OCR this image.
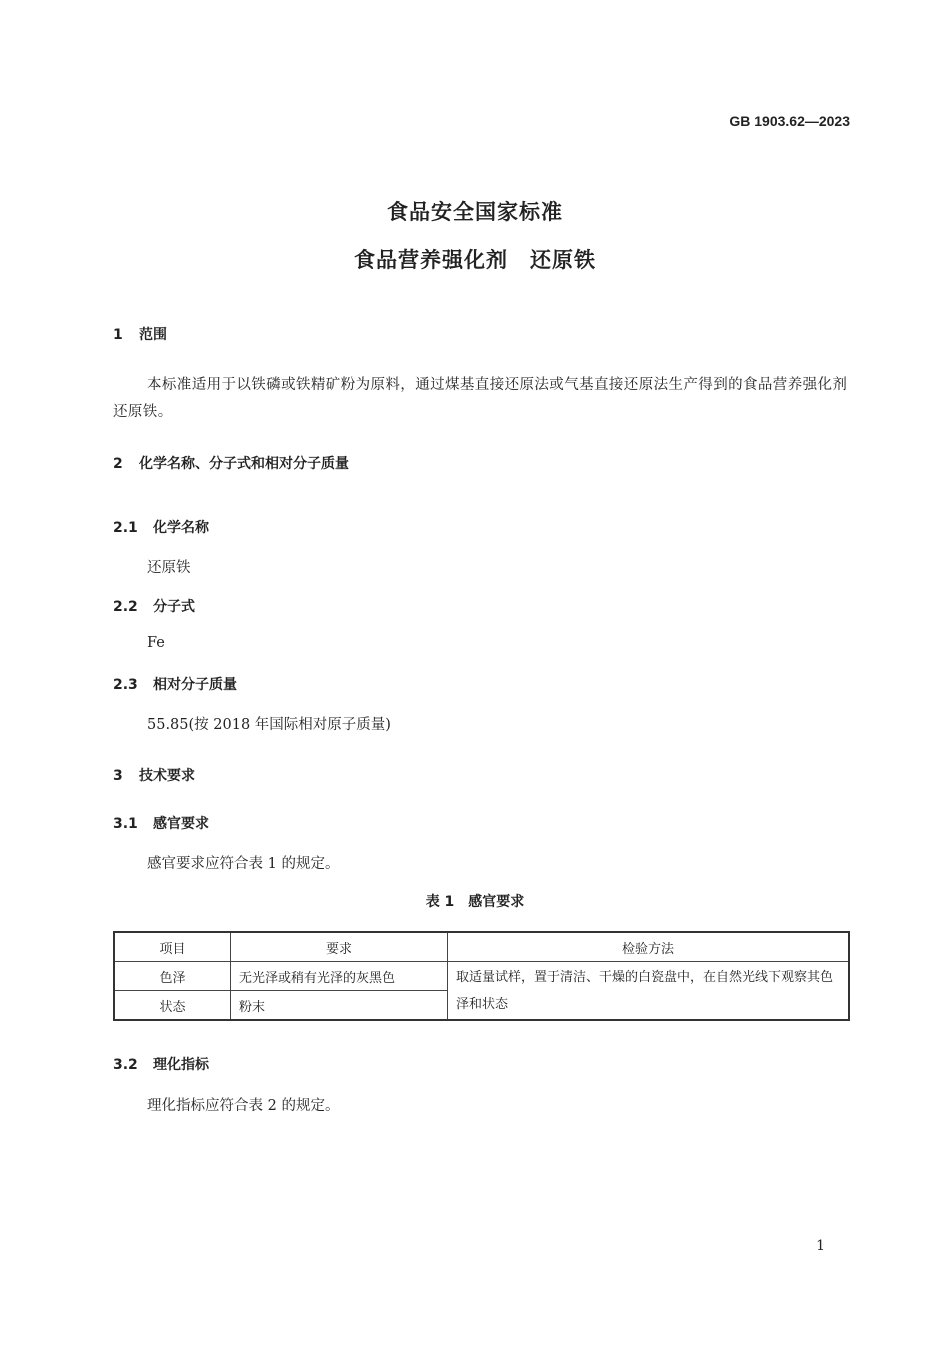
GB 1903.62—2023
食品安全国家标准
食品营养强化剂　还原铁
1 范围
本标准适用于以铁磷或铁精矿粉为原料，通过煤基直接还原法或气基直接还原法生产得到的食品营养强化剂还原铁。
2 化学名称、分子式和相对分子质量
2.1 化学名称
还原铁
2.2 分子式
Fe
2.3 相对分子质量
55.85(按 2018 年国际相对原子质量)
3 技术要求
3.1 感官要求
感官要求应符合表 1 的规定。
表 1　感官要求
项目	要求	检验方法
色泽	无光泽或稍有光泽的灰黑色	取适量试样，置于清洁、干燥的白瓷盘中，在自然光线下观察其色泽和状态
状态	粉末	
3.2 理化指标
理化指标应符合表 2 的规定。
1
